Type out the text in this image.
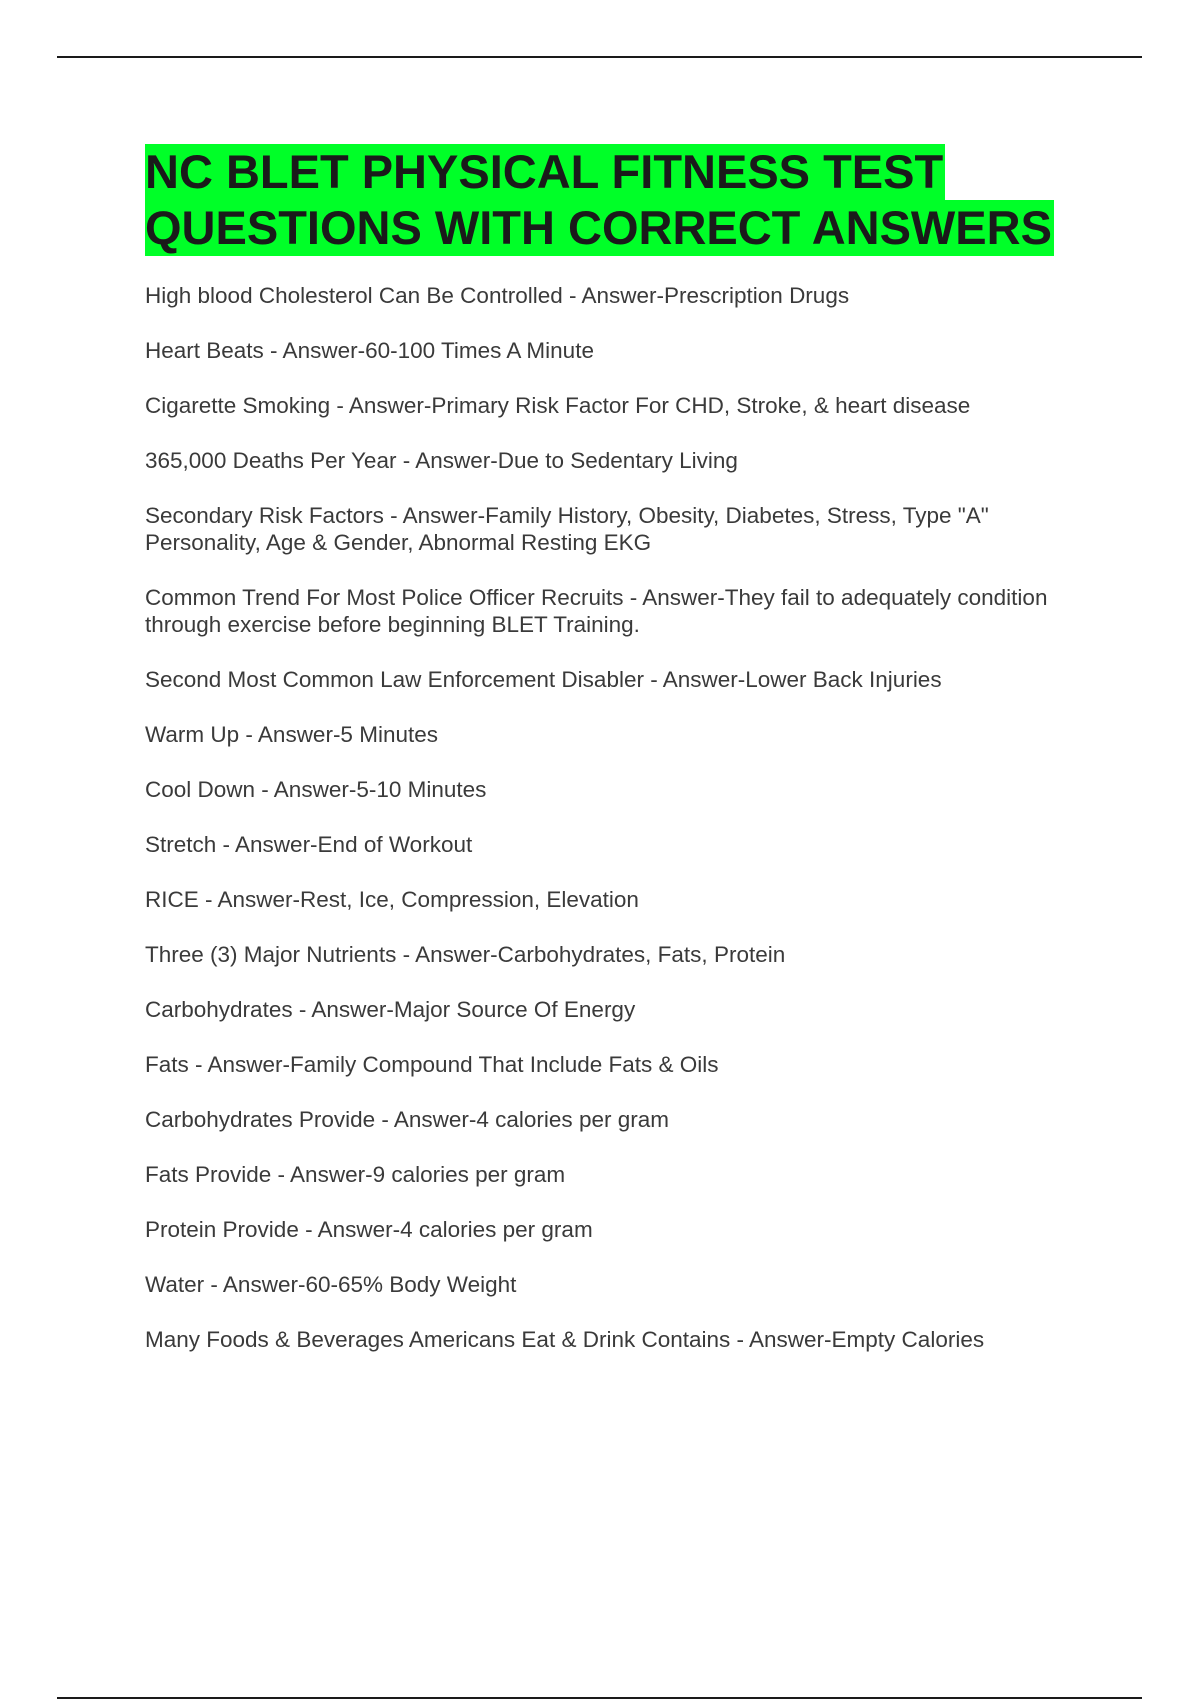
NC BLET PHYSICAL FITNESS TEST
QUESTIONS WITH CORRECT ANSWERS
High blood Cholesterol Can Be Controlled - Answer-Prescription Drugs
Heart Beats - Answer-60-100 Times A Minute
Cigarette Smoking - Answer-Primary Risk Factor For CHD, Stroke, & heart disease
365,000 Deaths Per Year - Answer-Due to Sedentary Living
Secondary Risk Factors - Answer-Family History, Obesity, Diabetes, Stress, Type "A" Personality, Age & Gender, Abnormal Resting EKG
Common Trend For Most Police Officer Recruits - Answer-They fail to adequately condition through exercise before beginning BLET Training.
Second Most Common Law Enforcement Disabler - Answer-Lower Back Injuries
Warm Up - Answer-5 Minutes
Cool Down - Answer-5-10 Minutes
Stretch - Answer-End of Workout
RICE - Answer-Rest, Ice, Compression, Elevation
Three (3) Major Nutrients - Answer-Carbohydrates, Fats, Protein
Carbohydrates - Answer-Major Source Of Energy
Fats - Answer-Family Compound That Include Fats & Oils
Carbohydrates Provide - Answer-4 calories per gram
Fats Provide - Answer-9 calories per gram
Protein Provide - Answer-4 calories per gram
Water - Answer-60-65% Body Weight
Many Foods & Beverages Americans Eat & Drink Contains - Answer-Empty Calories
